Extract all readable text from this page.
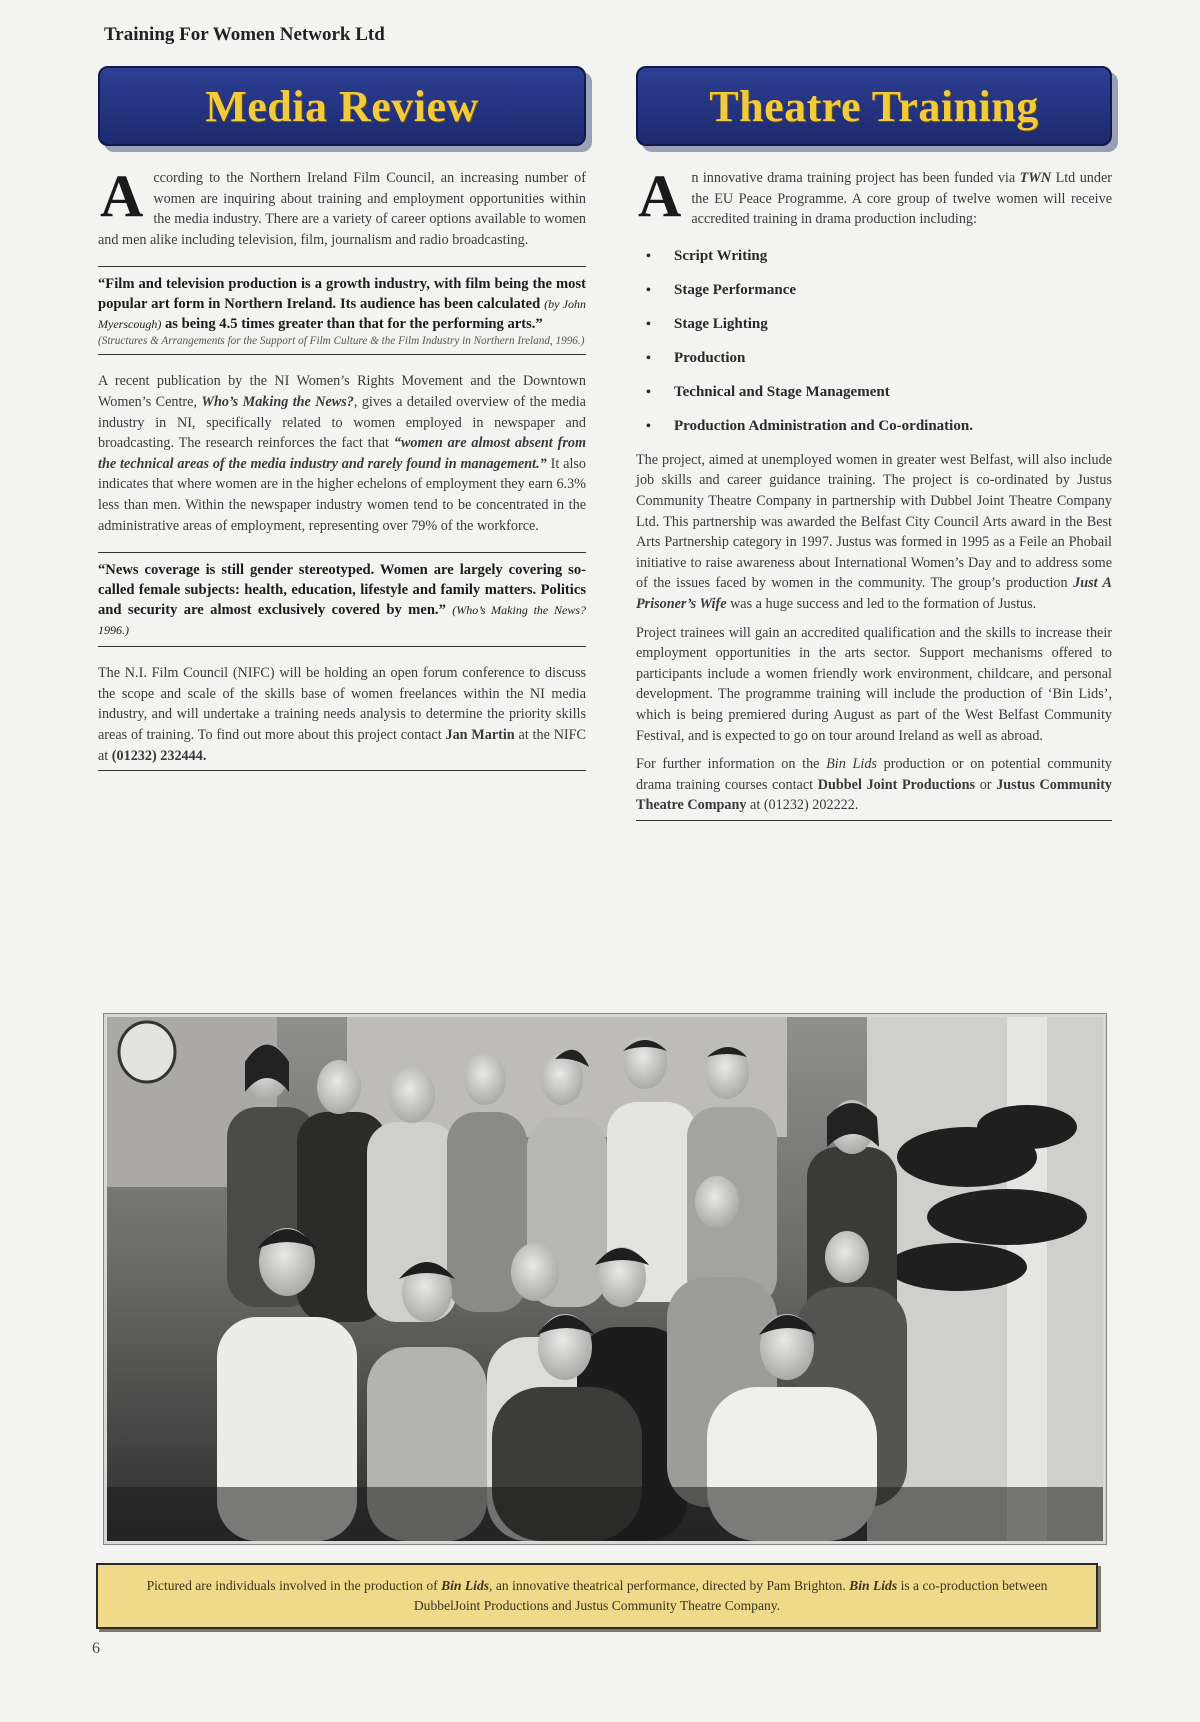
Training For Women Network Ltd
Media Review
A ccording to the Northern Ireland Film Council, an increasing number of women are inquiring about training and employment opportunities within the media industry. There are a variety of career options available to women and men alike including television, film, journalism and radio broadcasting.
“Film and television production is a growth industry, with film being the most popular art form in Northern Ireland. Its audience has been calculated (by John Myerscough) as being 4.5 times greater than that for the performing arts.”
(Structures & Arrangements for the Support of Film Culture & the Film Industry in Northern Ireland, 1996.)
A recent publication by the NI Women’s Rights Movement and the Downtown Women’s Centre, Who’s Making the News?, gives a detailed overview of the media industry in NI, specifically related to women employed in newspaper and broadcasting. The research reinforces the fact that “women are almost absent from the technical areas of the media industry and rarely found in management.” It also indicates that where women are in the higher echelons of employment they earn 6.3% less than men. Within the newspaper industry women tend to be concentrated in the administrative areas of employment, representing over 79% of the workforce.
“News coverage is still gender stereotyped. Women are largely covering so-called female subjects: health, education, lifestyle and family matters. Politics and security are almost exclusively covered by men.” (Who’s Making the News? 1996.)
The N.I. Film Council (NIFC) will be holding an open forum conference to discuss the scope and scale of the skills base of women freelances within the NI media industry, and will undertake a training needs analysis to determine the priority skills areas of training. To find out more about this project contact Jan Martin at the NIFC at (01232) 232444.
Theatre Training
A n innovative drama training project has been funded via TWN Ltd under the EU Peace Programme. A core group of twelve women will receive accredited training in drama production including:
•	Script Writing
•	Stage Performance
•	Stage Lighting
•	Production
•	Technical and Stage Management
•	Production Administration and Co-ordination.
The project, aimed at unemployed women in greater west Belfast, will also include job skills and career guidance training. The project is co-ordinated by Justus Community Theatre Company in partnership with Dubbel Joint Theatre Company Ltd. This partnership was awarded the Belfast City Council Arts award in the Best Arts Partnership category in 1997. Justus was formed in 1995 as a Feile an Phobail initiative to raise awareness about International Women’s Day and to address some of the issues faced by women in the community. The group’s production Just A Prisoner’s Wife was a huge success and led to the formation of Justus.
Project trainees will gain an accredited qualification and the skills to increase their employment opportunities in the arts sector. Support mechanisms offered to participants include a women friendly work environment, childcare, and personal development. The programme training will include the production of ‘Bin Lids’, which is being premiered during August as part of the West Belfast Community Festival, and is expected to go on tour around Ireland as well as abroad.
For further information on the Bin Lids production or on potential community drama training courses contact Dubbel Joint Productions or Justus Community Theatre Company at (01232) 202222.
Pictured are individuals involved in the production of Bin Lids, an innovative theatrical performance, directed by Pam Brighton. Bin Lids is a co-production between DubbelJoint Productions and Justus Community Theatre Company.
6
